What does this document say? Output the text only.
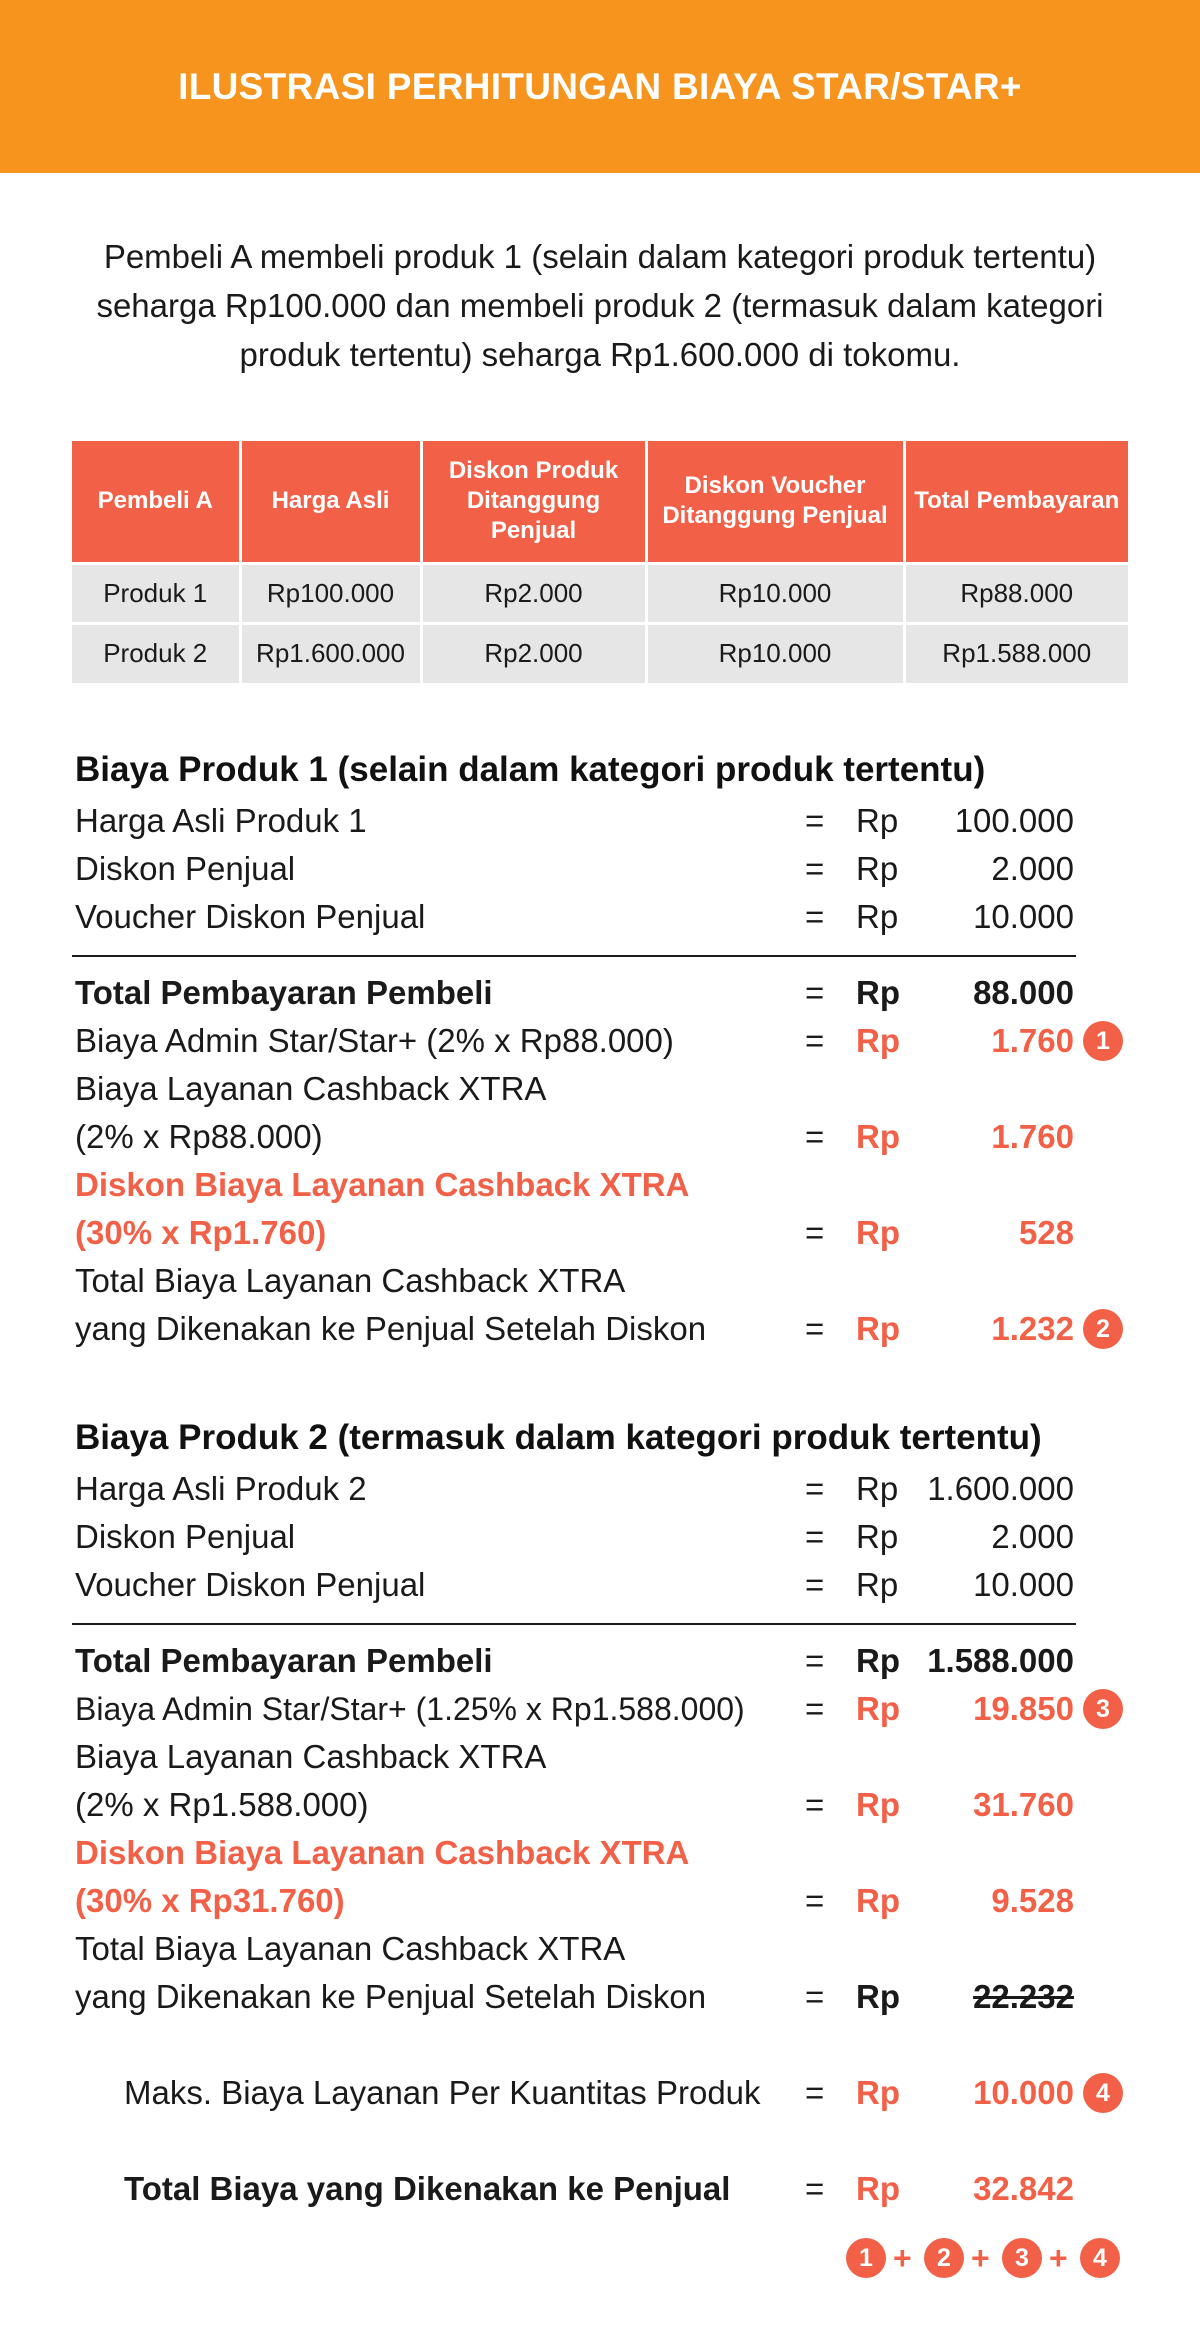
ILUSTRASI PERHITUNGAN BIAYA STAR/STAR+

Pembeli A membeli produk 1 (selain dalam kategori produk tertentu) seharga Rp100.000 dan membeli produk 2 (termasuk dalam kategori produk tertentu) seharga Rp1.600.000 di tokomu.

Pembeli A	Harga Asli	Diskon Produk Ditanggung Penjual	Diskon Voucher Ditanggung Penjual	Total Pembayaran
Produk 1	Rp100.000	Rp2.000	Rp10.000	Rp88.000
Produk 2	Rp1.600.000	Rp2.000	Rp10.000	Rp1.588.000
Biaya Produk 1 (selain dalam kategori produk tertentu)
Harga Asli Produk 1	= Rp 100.000
Diskon Penjual	= Rp	2.000
Voucher Diskon Penjual	= Rp 10.000
Total Pembayaran Pembeli	= Rp 88.000
Biaya Admin Star/Star+ (2% x Rp88.000)	= Rp	1.760 1
Biaya Layanan Cashback XTRA
(2% x Rp88.000)	= Rp	1.760
Diskon Biaya Layanan Cashback XTRA
(30% x Rp1.760)	= Rp	528
Total Biaya Layanan Cashback XTRA
yang Dikenakan ke Penjual Setelah Diskon	= Rp	1.232 2
Biaya Produk 2 (termasuk dalam kategori produk tertentu)
Harga Asli Produk 2	= Rp 1.600.000
Diskon Penjual	= Rp	2.000
Voucher Diskon Penjual	= Rp 10.000
Total Pembayaran Pembeli	= Rp 1.588.000
Biaya Admin Star/Star+ (1.25% x Rp1.588.000) = Rp 19.850 3
Biaya Layanan Cashback XTRA
(2% x Rp1.588.000)	= Rp 31.760
Diskon Biaya Layanan Cashback XTRA
(30% x Rp31.760)	= Rp	9.528
Total Biaya Layanan Cashback XTRA
yang Dikenakan ke Penjual Setelah Diskon	= Rp 22.232
Maks. Biaya Layanan Per Kuantitas Produk = Rp 10.000 4
Total Biaya yang Dikenakan ke Penjual = Rp 32.842
1 +	2 +	3 +	4
